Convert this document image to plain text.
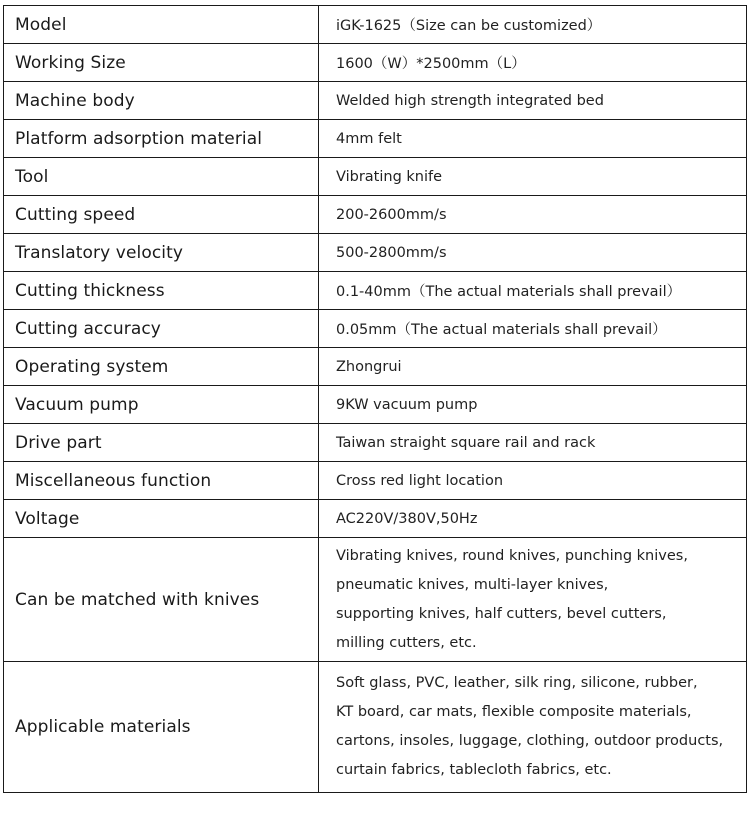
Model	iGK-1625（Size can be customized）
Working Size	1600（W）*2500mm（L）
Machine body	Welded high strength integrated bed
Platform adsorption material	4mm felt
Tool	Vibrating knife
Cutting speed	200-2600mm/s
Translatory velocity	500-2800mm/s
Cutting thickness	0.1-40mm（The actual materials shall prevail）
Cutting accuracy	0.05mm（The actual materials shall prevail）
Operating system	Zhongrui
Vacuum pump	9KW vacuum pump
Drive part	Taiwan straight square rail and rack
Miscellaneous function	Cross red light location
Voltage	AC220V/380V,50Hz
Can be matched with knives	Vibrating knives, round knives, punching knives,
pneumatic knives, multi-layer knives,
supporting knives, half cutters, bevel cutters,
milling cutters, etc.

Applicable materials	Soft glass, PVC, leather, silk ring, silicone, rubber,
KT board, car mats, flexible composite materials,
cartons, insoles, luggage, clothing, outdoor products,
curtain fabrics, tablecloth fabrics, etc.
